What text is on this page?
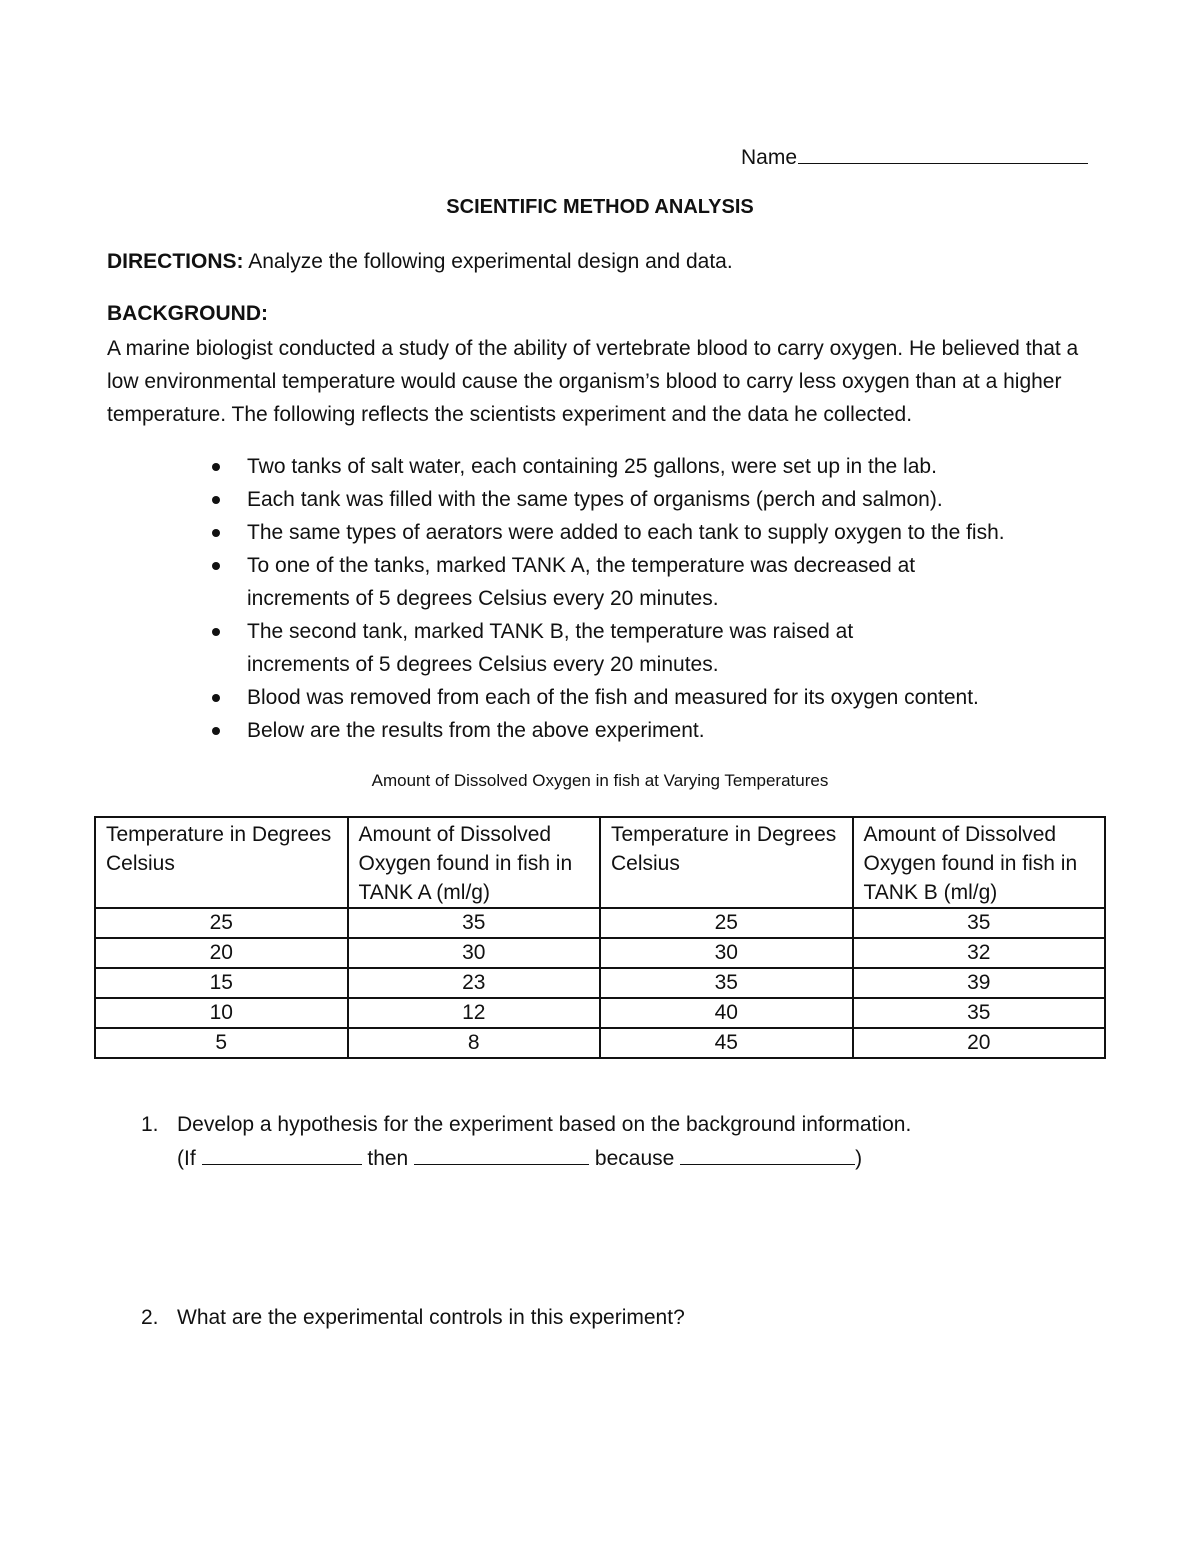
Name
SCIENTIFIC METHOD ANALYSIS
DIRECTIONS: Analyze the following experimental design and data.
BACKGROUND:
A marine biologist conducted a study of the ability of vertebrate blood to carry oxygen. He believed that a low environmental temperature would cause the organism’s blood to carry less oxygen than at a higher temperature. The following reflects the scientists experiment and the data he collected.
Two tanks of salt water, each containing 25 gallons, were set up in the lab.
Each tank was filled with the same types of organisms (perch and salmon).
The same types of aerators were added to each tank to supply oxygen to the fish.
To one of the tanks, marked TANK A, the temperature was decreased at increments of 5 degrees Celsius every 20 minutes.
The second tank, marked TANK B, the temperature was raised at increments of 5 degrees Celsius every 20 minutes.
Blood was removed from each of the fish and measured for its oxygen content.
Below are the results from the above experiment.
Amount of Dissolved Oxygen in fish at Varying Temperatures
Temperature in Degrees Celsius	Amount of Dissolved Oxygen found in fish in TANK A (ml/g)	Temperature in Degrees Celsius	Amount of Dissolved Oxygen found in fish in TANK B (ml/g)
25	35	25	35
20	30	30	32
15	23	35	39
10	12	40	35
5	8	45	20
1. Develop a hypothesis for the experiment based on the background information.
(If	then	because	)
2. What are the experimental controls in this experiment?
